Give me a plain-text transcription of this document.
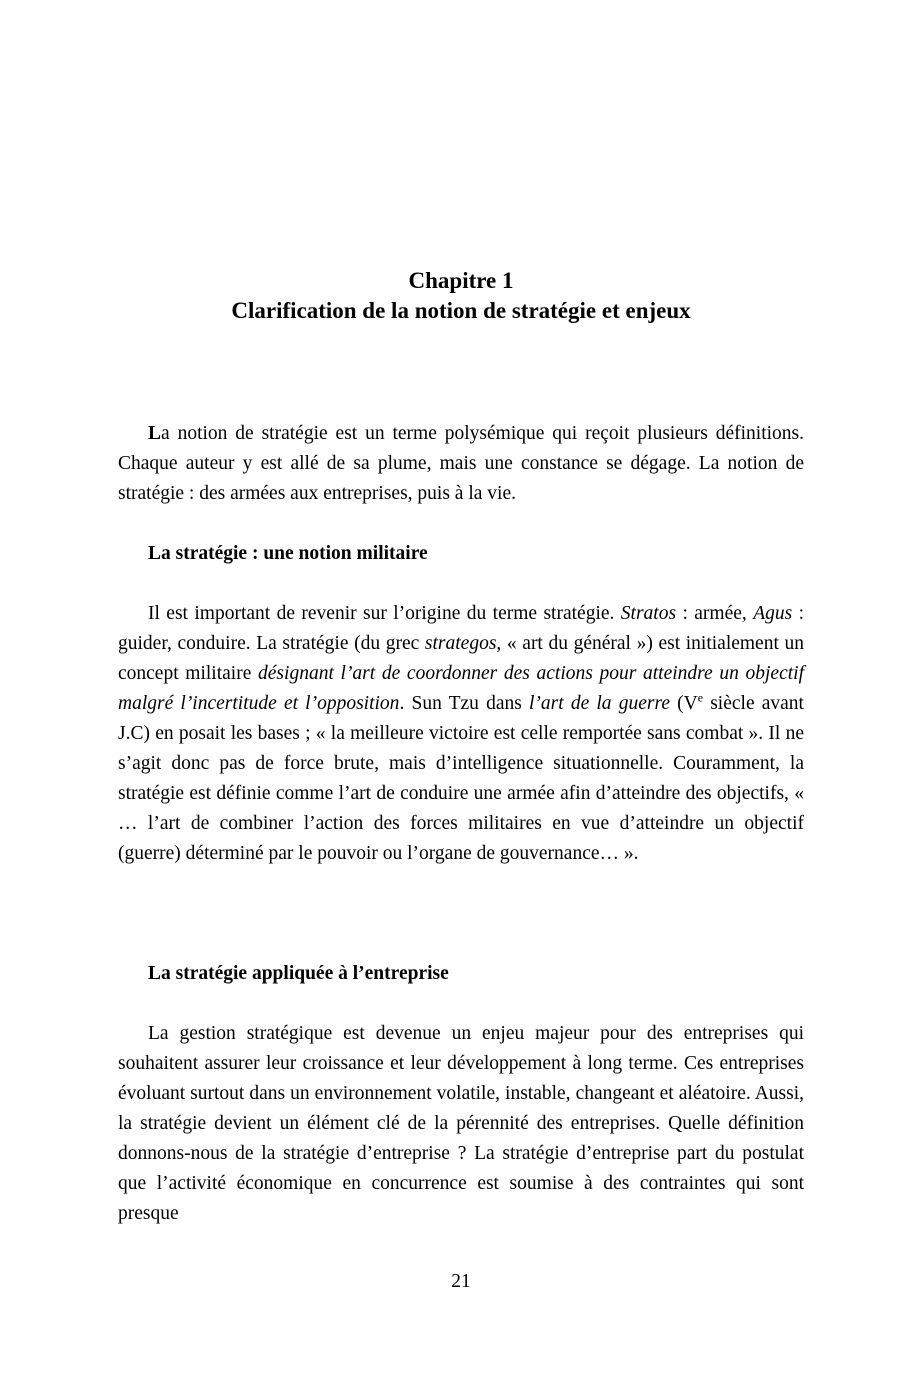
Chapitre 1
Clarification de la notion de stratégie et enjeux

La notion de stratégie est un terme polysémique qui reçoit plusieurs définitions. Chaque auteur y est allé de sa plume, mais une constance se dégage. La notion de stratégie : des armées aux entreprises, puis à la vie.

La stratégie : une notion militaire

Il est important de revenir sur l’origine du terme stratégie. Stratos : armée, Agus : guider, conduire. La stratégie (du grec strategos, « art du général ») est initialement un concept militaire désignant l’art de coordonner des actions pour atteindre un objectif malgré l’incertitude et l’opposition. Sun Tzu dans l’art de la guerre (Ve siècle avant J.C) en posait les bases ; « la meilleure victoire est celle remportée sans combat ». Il ne s’agit donc pas de force brute, mais d’intelligence situationnelle. Couramment, la stratégie est définie comme l’art de conduire une armée afin d’atteindre des objectifs, « … l’art de combiner l’action des forces militaires en vue d’atteindre un objectif (guerre) déterminé par le pouvoir ou l’organe de gouvernance… ».

La stratégie appliquée à l’entreprise

La gestion stratégique est devenue un enjeu majeur pour des entreprises qui souhaitent assurer leur croissance et leur développement à long terme. Ces entreprises évoluant surtout dans un environnement volatile, instable, changeant et aléatoire. Aussi, la stratégie devient un élément clé de la pérennité des entreprises. Quelle définition donnons-nous de la stratégie d’entreprise ? La stratégie d’entreprise part du postulat que l’activité économique en concurrence est soumise à des contraintes qui sont presque

21
